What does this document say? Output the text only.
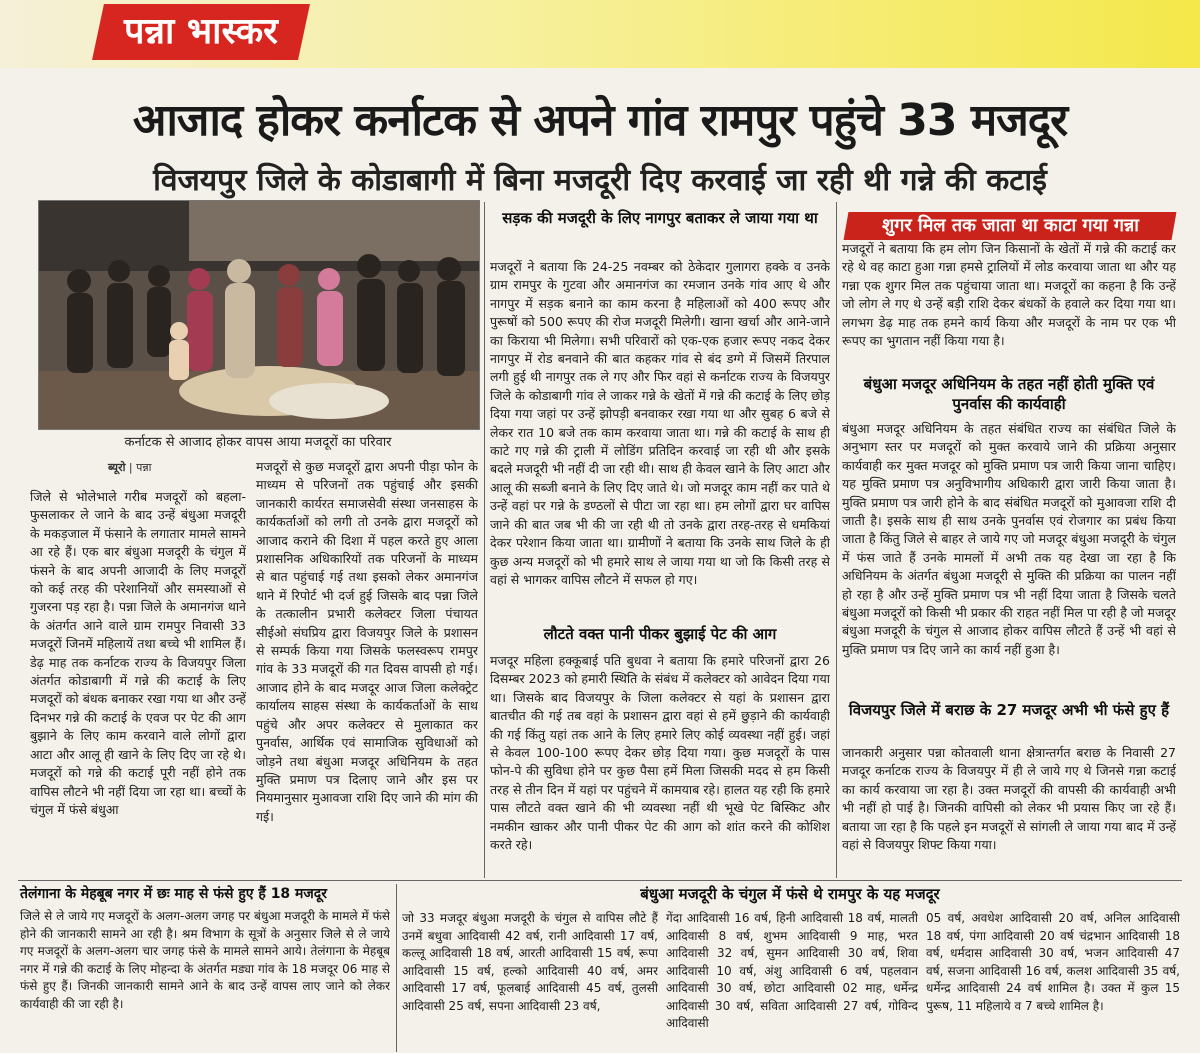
पन्ना भास्कर
आजाद होकर कर्नाटक से अपने गांव रामपुर पहुंचे 33 मजदूर
विजयपुर जिले के कोडाबागी में बिना मजदूरी दिए करवाई जा रही थी गन्ने की कटाई
कर्नाटक से आजाद होकर वापस आया मजदूरों का परिवार
ब्यूरो | पन्ना
जिले से भोलेभाले गरीब मजदूरों को बहला-फुसलाकर ले जाने के बाद उन्हें बंधुआ मजदूरी के मकड़जाल में फंसाने के लगातार मामले सामने आ रहे हैं। एक बार बंधुआ मजदूरी के चंगुल में फंसने के बाद अपनी आजादी के लिए मजदूरों को कई तरह की परेशानियों और समस्याओं से गुजरना पड़ रहा है। पन्ना जिले के अमानगंज थाने के अंतर्गत आने वाले ग्राम रामपुर निवासी 33 मजदूरों जिनमें महिलायें तथा बच्चे भी शामिल हैं। डेढ़ माह तक कर्नाटक राज्य के विजयपुर जिला अंतर्गत कोडाबागी में गन्ने की कटाई के लिए मजदूरों को बंधक बनाकर रखा गया था और उन्हें दिनभर गन्ने की कटाई के एवज पर पेट की आग बुझाने के लिए काम करवाने वाले लोगों द्वारा आटा और आलू ही खाने के लिए दिए जा रहे थे। मजदूरों को गन्ने की कटाई पूरी नहीं होने तक वापिस लौटने भी नहीं दिया जा रहा था। बच्चों के चंगुल में फंसे बंधुआ
मजदूरों से कुछ मजदूरों द्वारा अपनी पीड़ा फोन के माध्यम से परिजनों तक पहुंचाई और इसकी जानकारी कार्यरत समाजसेवी संस्था जनसाहस के कार्यकर्ताओं को लगी तो उनके द्वारा मजदूरों को आजाद कराने की दिशा में पहल करते हुए आला प्रशासनिक अधिकारियों तक परिजनों के माध्यम से बात पहुंचाई गई तथा इसको लेकर अमानगंज थाने में रिपोर्ट भी दर्ज हुई जिसके बाद पन्ना जिले के तत्कालीन प्रभारी कलेक्टर जिला पंचायत सीईओ संघप्रिय द्वारा विजयपुर जिले के प्रशासन से सम्पर्क किया गया जिसके फलस्वरूप रामपुर गांव के 33 मजदूरों की गत दिवस वापसी हो गई। आजाद होने के बाद मजदूर आज जिला कलेक्ट्रेट कार्यालय साहस संस्था के कार्यकर्ताओं के साथ पहुंचे और अपर कलेक्टर से मुलाकात कर पुनर्वास, आर्थिक एवं सामाजिक सुविधाओं को जोड़ने तथा बंधुआ मजदूर अधिनियम के तहत मुक्ति प्रमाण पत्र दिलाए जाने और इस पर नियमानुसार मुआवजा राशि दिए जाने की मांग की गई।
सड़क की मजदूरी के लिए नागपुर बताकर ले जाया गया था
मजदूरों ने बताया कि 24-25 नवम्बर को ठेकेदार गुलागरा हक्के व उनके ग्राम रामपुर के गुटवा और अमानगंज का रमजान उनके गांव आए थे और नागपुर में सड़क बनाने का काम करना है महिलाओं को 400 रूपए और पुरूषों को 500 रूपए की रोज मजदूरी मिलेगी। खाना खर्चा और आने-जाने का किराया भी मिलेगा। सभी परिवारों को एक-एक हजार रूपए नकद देकर नागपुर में रोड बनवाने की बात कहकर गांव से बंद डग्गे में जिसमें तिरपाल लगी हुई थी नागपुर तक ले गए और फिर वहां से कर्नाटक राज्य के विजयपुर जिले के कोडाबागी गांव ले जाकर गन्ने के खेतों में गन्ने की कटाई के लिए छोड़ दिया गया जहां पर उन्हें झोपड़ी बनवाकर रखा गया था और सुबह 6 बजे से लेकर रात 10 बजे तक काम करवाया जाता था। गन्ने की कटाई के साथ ही काटे गए गन्ने की ट्राली में लोडिंग प्रतिदिन करवाई जा रही थी और इसके बदले मजदूरी भी नहीं दी जा रही थी। साथ ही केवल खाने के लिए आटा और आलू की सब्जी बनाने के लिए दिए जाते थे। जो मजदूर काम नहीं कर पाते थे उन्हें वहां पर गन्ने के डण्ठलों से पीटा जा रहा था। हम लोगों द्वारा घर वापिस जाने की बात जब भी की जा रही थी तो उनके द्वारा तरह-तरह से धमकियां देकर परेशान किया जाता था। ग्रामीणों ने बताया कि उनके साथ जिले के ही कुछ अन्य मजदूरों को भी हमारे साथ ले जाया गया था जो कि किसी तरह से वहां से भागकर वापिस लौटने में सफल हो गए।
लौटते वक्त पानी पीकर बुझाई पेट की आग
मजदूर महिला हक्कूबाई पति बुधवा ने बताया कि हमारे परिजनों द्वारा 26 दिसम्बर 2023 को हमारी स्थिति के संबंध में कलेक्टर को आवेदन दिया गया था। जिसके बाद विजयपुर के जिला कलेक्टर से यहां के प्रशासन द्वारा बातचीत की गई तब वहां के प्रशासन द्वारा वहां से हमें छुड़ाने की कार्यवाही की गई किंतु यहां तक आने के लिए हमारे लिए कोई व्यवस्था नहीं हुई। जहां से केवल 100-100 रूपए देकर छोड़ दिया गया। कुछ मजदूरों के पास फोन-पे की सुविधा होने पर कुछ पैसा हमें मिला जिसकी मदद से हम किसी तरह से तीन दिन में यहां पर पहुंचने में कामयाब रहे। हालत यह रही कि हमारे पास लौटते वक्त खाने की भी व्यवस्था नहीं थी भूखे पेट बिस्किट और नमकीन खाकर और पानी पीकर पेट की आग को शांत करने की कोशिश करते रहे।
शुगर मिल तक जाता था काटा गया गन्ना
मजदूरों ने बताया कि हम लोग जिन किसानों के खेतों में गन्ने की कटाई कर रहे थे वह काटा हुआ गन्ना हमसे ट्रालियों में लोड करवाया जाता था और यह गन्ना एक शुगर मिल तक पहुंचाया जाता था। मजदूरों का कहना है कि उन्हें जो लोग ले गए थे उन्हें बड़ी राशि देकर बंधकों के हवाले कर दिया गया था। लगभग डेढ़ माह तक हमने कार्य किया और मजदूरों के नाम पर एक भी रूपए का भुगतान नहीं किया गया है।
बंधुआ मजदूर अधिनियम के तहत नहीं होती मुक्ति एवं पुनर्वास की कार्यवाही
बंधुआ मजदूर अधिनियम के तहत संबंधित राज्य का संबंधित जिले के अनुभाग स्तर पर मजदूरों को मुक्त करवाये जाने की प्रक्रिया अनुसार कार्यवाही कर मुक्त मजदूर को मुक्ति प्रमाण पत्र जारी किया जाना चाहिए। यह मुक्ति प्रमाण पत्र अनुविभागीय अधिकारी द्वारा जारी किया जाता है। मुक्ति प्रमाण पत्र जारी होने के बाद संबंधित मजदूरों को मुआवजा राशि दी जाती है। इसके साथ ही साथ उनके पुनर्वास एवं रोजगार का प्रबंध किया जाता है किंतु जिले से बाहर ले जाये गए जो मजदूर बंधुआ मजदूरी के चंगुल में फंस जाते हैं उनके मामलों में अभी तक यह देखा जा रहा है कि अधिनियम के अंतर्गत बंधुआ मजदूरी से मुक्ति की प्रक्रिया का पालन नहीं हो रहा है और उन्हें मुक्ति प्रमाण पत्र भी नहीं दिया जाता है जिसके चलते बंधुआ मजदूरों को किसी भी प्रकार की राहत नहीं मिल पा रही है जो मजदूर बंधुआ मजदूरी के चंगुल से आजाद होकर वापिस लौटते हैं उन्हें भी वहां से मुक्ति प्रमाण पत्र दिए जाने का कार्य नहीं हुआ है।
विजयपुर जिले में बराछ के 27 मजदूर अभी भी फंसे हुए हैं
जानकारी अनुसार पन्ना कोतवाली थाना क्षेत्रान्तर्गत बराछ के निवासी 27 मजदूर कर्नाटक राज्य के विजयपुर में ही ले जाये गए थे जिनसे गन्ना कटाई का कार्य करवाया जा रहा है। उक्त मजदूरों की वापसी की कार्यवाही अभी भी नहीं हो पाई है। जिनकी वापिसी को लेकर भी प्रयास किए जा रहे हैं। बताया जा रहा है कि पहले इन मजदूरों से सांगली ले जाया गया बाद में उन्हें वहां से विजयपुर शिफ्ट किया गया।
तेलंगाना के मेहबूब नगर में छः माह से फंसे हुए हैं 18 मजदूर
जिले से ले जाये गए मजदूरों के अलग-अलग जगह पर बंधुआ मजदूरी के मामले में फंसे होने की जानकारी सामने आ रही है। श्रम विभाग के सूत्रों के अनुसार जिले से ले जाये गए मजदूरों के अलग-अलग चार जगह फंसे के मामले सामने आये। तेलंगाना के मेहबूब नगर में गन्ने की कटाई के लिए मोहन्दा के अंतर्गत मड्या गांव के 18 मजदूर 06 माह से फंसे हुए हैं। जिनकी जानकारी सामने आने के बाद उन्हें वापस लाए जाने को लेकर कार्यवाही की जा रही है।
बंधुआ मजदूरी के चंगुल में फंसे थे रामपुर के यह मजदूर
जो 33 मजदूर बंधुआ मजदूरी के चंगुल से वापिस लौटे हैं उनमें बधुवा आदिवासी 42 वर्ष, रानी आदिवासी 17 वर्ष, कल्लू आदिवासी 18 वर्ष, आरती आदिवासी 15 वर्ष, रूपा आदिवासी 15 वर्ष, हल्को आदिवासी 40 वर्ष, अमर आदिवासी 17 वर्ष, फूलबाई आदिवासी 45 वर्ष, तुलसी आदिवासी 25 वर्ष, सपना आदिवासी 23 वर्ष,
गेंदा आदिवासी 16 वर्ष, हिनी आदिवासी 18 वर्ष, मालती आदिवासी 8 वर्ष, शुभम आदिवासी 9 माह, भरत आदिवासी 32 वर्ष, सुमन आदिवासी 30 वर्ष, शिवा आदिवासी 10 वर्ष, अंशु आदिवासी 6 वर्ष, पहलवान आदिवासी 30 वर्ष, छोटा आदिवासी 02 माह, धर्मेन्द्र आदिवासी 30 वर्ष, सविता आदिवासी 27 वर्ष, गोविन्द आदिवासी
05 वर्ष, अवधेश आदिवासी 20 वर्ष, अनिल आदिवासी 18 वर्ष, पंगा आदिवासी 20 वर्ष चंद्रभान आदिवासी 18 वर्ष, धर्मदास आदिवासी 30 वर्ष, भजन आदिवासी 47 वर्ष, सजना आदिवासी 16 वर्ष, कलश आदिवासी 35 वर्ष, धर्मेन्द्र आदिवासी 24 वर्ष शामिल है। उक्त में कुल 15 पुरूष, 11 महिलाये व 7 बच्चे शामिल है।
